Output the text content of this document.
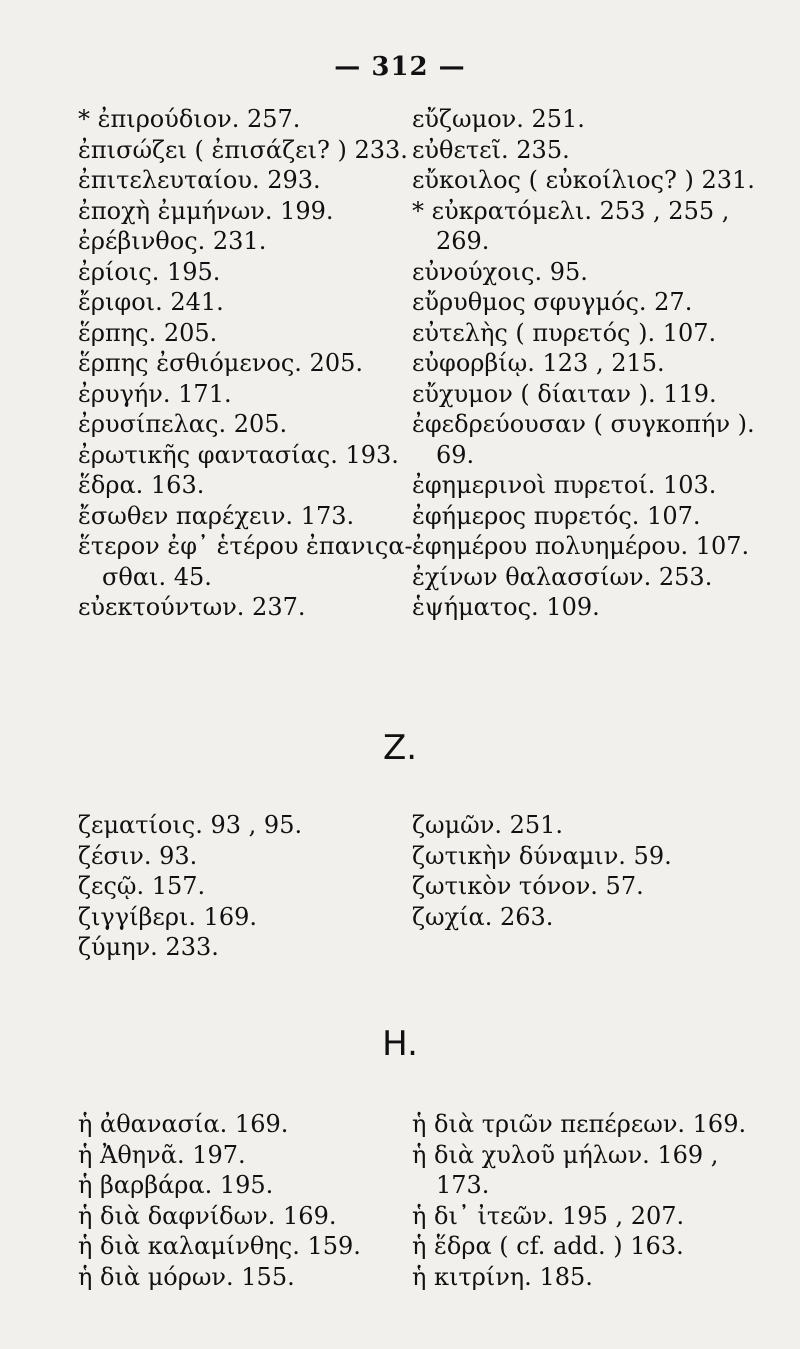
— 312 —
* ἐπιρούδιον. 257.
ἐπισώζει ( ἐπισάζει? ) 233.
ἐπιτελευταίου. 293.
ἐποχὴ ἐμμήνων. 199.
ἐρέβινθος. 231.
ἐρίοις. 195.
ἔριφοι. 241.
ἕρπης. 205.
ἕρπης ἐσθιόμενος. 205.
ἐρυγήν. 171.
ἐρυσίπελας. 205.
ἐρωτικῆς φαντασίας. 193.
ἕδρα. 163.
ἔσωθεν παρέχειν. 173.
ἕτερον ἐφ᾽ ἑτέρου ἐπανιςα-
σθαι. 45.
εὐεκτούντων. 237.
εὔζωμον. 251.
εὐθετεῖ. 235.
εὔκοιλος ( εὐκοίλιος? ) 231.
* εὐκρατόμελι. 253 , 255 ,
269.
εὐνούχοις. 95.
εὔρυθμος σφυγμός. 27.
εὐτελὴς ( πυρετός ). 107.
εὐφορβίῳ. 123 , 215.
εὔχυμον ( δίαιταν ). 119.
ἐφεδρεύουσαν ( συγκοπήν ).
69.
ἐφημερινοὶ πυρετοί. 103.
ἐφήμερος πυρετός. 107.
ἐφημέρου πολυημέρου. 107.
ἐχίνων θαλασσίων. 253.
ἑψήματος. 109.
Z.
ζεματίοις. 93 , 95.
ζέσιν. 93.
ζεςῷ. 157.
ζιγγίβερι. 169.
ζύμην. 233.
ζωμῶν. 251.
ζωτικὴν δύναμιν. 59.
ζωτικὸν τόνον. 57.
ζωχία. 263.
H.
ἡ ἀθανασία. 169.
ἡ Ἀθηνᾶ. 197.
ἡ βαρβάρα. 195.
ἡ διὰ δαφνίδων. 169.
ἡ διὰ καλαμίνθης. 159.
ἡ διὰ μόρων. 155.
ἡ διὰ τριῶν πεπέρεων. 169.
ἡ διὰ χυλοῦ μήλων. 169 ,
173.
ἡ δι᾽ ἰτεῶν. 195 , 207.
ἡ ἕδρα ( cf. add. ) 163.
ἡ κιτρίνη. 185.
